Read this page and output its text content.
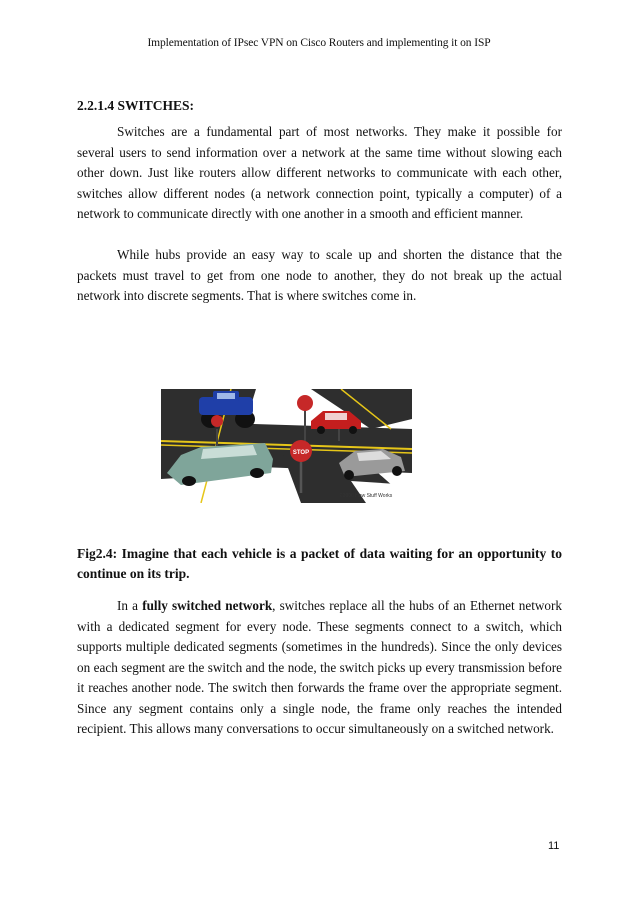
Implementation of IPsec VPN on Cisco Routers and implementing it on ISP
2.2.1.4 SWITCHES:

Switches are a fundamental part of most networks. They make it possible for several users to send information over a network at the same time without slowing each other down. Just like routers allow different networks to communicate with each other, switches allow different nodes (a network connection point, typically a computer) of a network to communicate directly with one another in a smooth and efficient manner.

While hubs provide an easy way to scale up and shorten the distance that the packets must travel to get from one node to another, they do not break up the actual network into discrete segments. That is where switches come in.

STOP
©2000 How Stuff Works

Fig2.4: Imagine that each vehicle is a packet of data waiting for an opportunity to continue on its trip.

In a fully switched network, switches replace all the hubs of an Ethernet network with a dedicated segment for every node. These segments connect to a switch, which supports multiple dedicated segments (sometimes in the hundreds). Since the only devices on each segment are the switch and the node, the switch picks up every transmission before it reaches another node. The switch then forwards the frame over the appropriate segment. Since any segment contains only a single node, the frame only reaches the intended recipient. This allows many conversations to occur simultaneously on a switched network.

11
